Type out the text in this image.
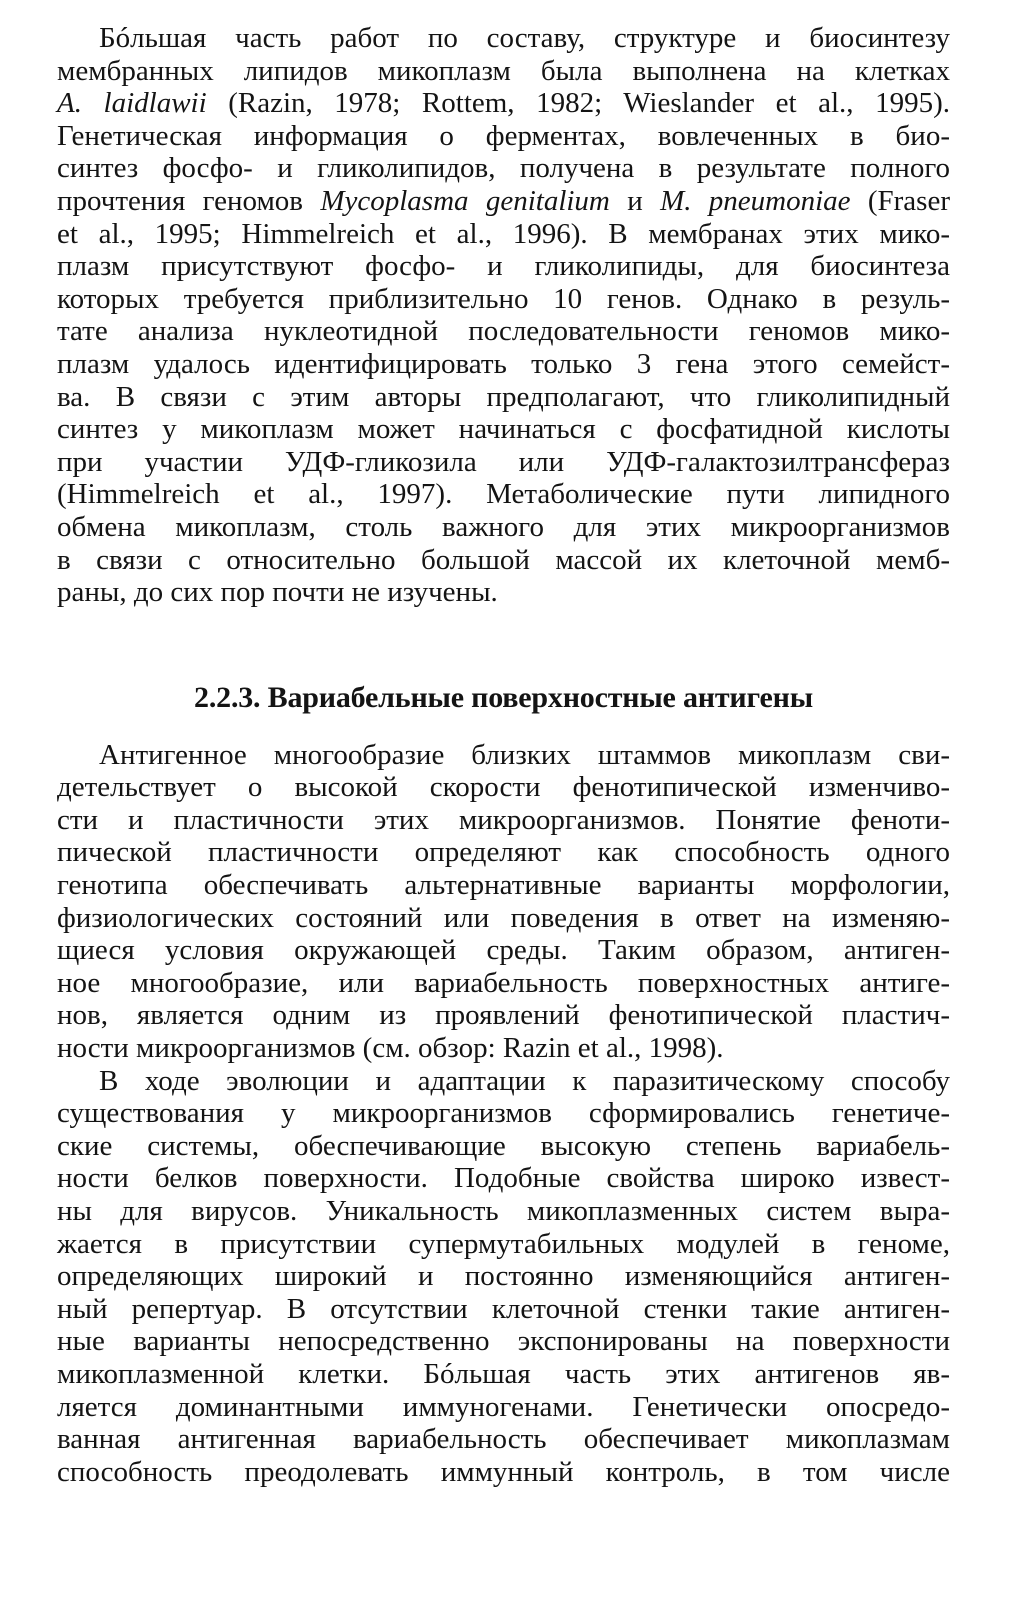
Бóльшая часть работ по составу, структуре и биосинтезу
мембранных липидов микоплазм была выполнена на клетках
A. laidlawii (Razin, 1978; Rottem, 1982; Wieslander et al., 1995).
Генетическая информация о ферментах, вовлеченных в био-
синтез фосфо- и гликолипидов, получена в результате полного
прочтения геномов Mycoplasma genitalium и M. pneumoniae (Fraser
et al., 1995; Himmelreich et al., 1996). В мембранах этих мико-
плазм присутствуют фосфо- и гликолипиды, для биосинтеза
которых требуется приблизительно 10 генов. Однако в резуль-
тате анализа нуклеотидной последовательности геномов мико-
плазм удалось идентифицировать только 3 гена этого семейст-
ва. В связи с этим авторы предполагают, что гликолипидный
синтез у микоплазм может начинаться с фосфатидной кислоты
при участии УДФ-гликозила или УДФ-галактозилтрансфераз
(Himmelreich et al., 1997). Метаболические пути липидного
обмена микоплазм, столь важного для этих микроорганизмов
в связи с относительно большой массой их клеточной мемб-
раны, до сих пор почти не изучены.
2.2.3. Вариабельные поверхностные антигены
Антигенное многообразие близких штаммов микоплазм сви-
детельствует о высокой скорости фенотипической изменчиво-
сти и пластичности этих микроорганизмов. Понятие феноти-
пической пластичности определяют как способность одного
генотипа обеспечивать альтернативные варианты морфологии,
физиологических состояний или поведения в ответ на изменяю-
щиеся условия окружающей среды. Таким образом, антиген-
ное многообразие, или вариабельность поверхностных антиге-
нов, является одним из проявлений фенотипической пластич-
ности микроорганизмов (см. обзор: Razin et al., 1998).
В ходе эволюции и адаптации к паразитическому способу
существования у микроорганизмов сформировались генетиче-
ские системы, обеспечивающие высокую степень вариабель-
ности белков поверхности. Подобные свойства широко извест-
ны для вирусов. Уникальность микоплазменных систем выра-
жается в присутствии супермутабильных модулей в геноме,
определяющих широкий и постоянно изменяющийся антиген-
ный репертуар. В отсутствии клеточной стенки такие антиген-
ные варианты непосредственно экспонированы на поверхности
микоплазменной клетки. Бóльшая часть этих антигенов яв-
ляется доминантными иммуногенами. Генетически опосредо-
ванная антигенная вариабельность обеспечивает микоплазмам
способность преодолевать иммунный контроль, в том числе
